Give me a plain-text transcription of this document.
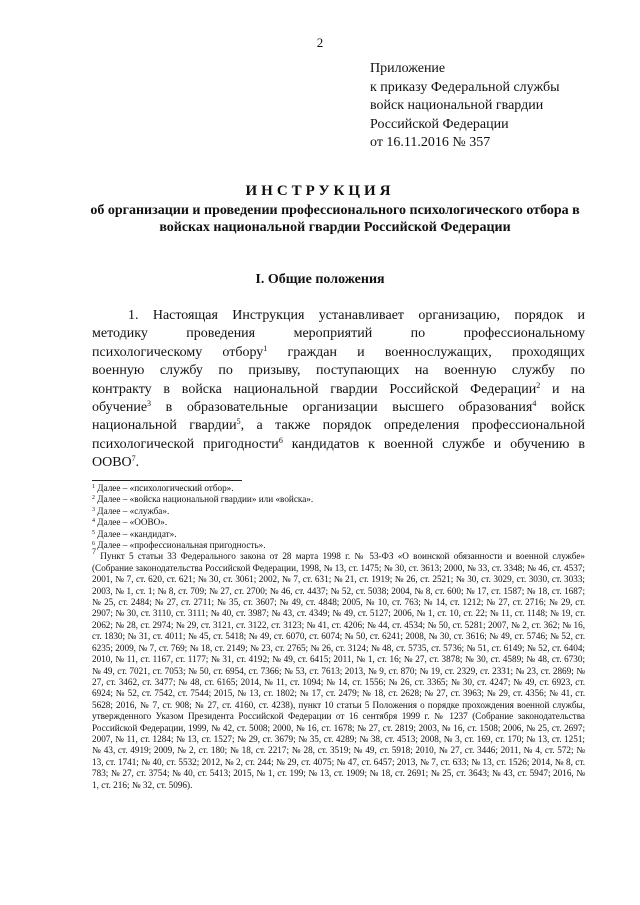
2
Приложение
к приказу Федеральной службы
войск национальной гвардии
Российской Федерации
от 16.11.2016 № 357
ИНСТРУКЦИЯ
об организации и проведении профессионального психологического отбора в войсках национальной гвардии Российской Федерации
I. Общие положения
1. Настоящая Инструкция устанавливает организацию, порядок и
методику проведения мероприятий по профессиональному
психологическому отбору$^1$ граждан и военнослужащих, проходящих
военную службу по призыву, поступающих на военную службу по
контракту в войска национальной гвардии Российской Федерации$^2$ и на
обучение$^3$ в образовательные организации высшего образования$^4$ войск
национальной гвардии$^5$, а также порядок определения профессиональной
психологической пригодности$^6$ кандидатов к военной службе и обучению в
ООВО$^7$.
$^1$ Далее – «психологический отбор».
$^2$ Далее – «войска национальной гвардии» или «войска».
$^3$ Далее – «служба».
$^4$ Далее – «ООВО».
$^5$ Далее – «кандидат».
$^6$ Далее – «профессиональная пригодность».
$^7$ Пункт 5 статьи 33 Федерального закона от 28 марта 1998 г. № 53-ФЗ «О воинской обязанности и военной службе» (Собрание законодательства Российской Федерации, 1998, № 13, ст. 1475; № 30, ст. 3613; 2000, № 33, ст. 3348; № 46, ст. 4537; 2001, № 7, ст. 620, ст. 621; № 30, ст. 3061; 2002, № 7, ст. 631; № 21, ст. 1919; № 26, ст. 2521; № 30, ст. 3029, ст. 3030, ст. 3033; 2003, № 1, ст. 1; № 8, ст. 709; № 27, ст. 2700; № 46, ст. 4437; № 52, ст. 5038; 2004, № 8, ст. 600; № 17, ст. 1587; № 18, ст. 1687; № 25, ст. 2484; № 27, ст. 2711; № 35, ст. 3607; № 49, ст. 4848; 2005, № 10, ст. 763; № 14, ст. 1212; № 27, ст. 2716; № 29, ст. 2907; № 30, ст. 3110, ст. 3111; № 40, ст. 3987; № 43, ст. 4349; № 49, ст. 5127; 2006, № 1, ст. 10, ст. 22; № 11, ст. 1148; № 19, ст. 2062; № 28, ст. 2974; № 29, ст. 3121, ст. 3122, ст. 3123; № 41, ст. 4206; № 44, ст. 4534; № 50, ст. 5281; 2007, № 2, ст. 362; № 16, ст. 1830; № 31, ст. 4011; № 45, ст. 5418; № 49, ст. 6070, ст. 6074; № 50, ст. 6241; 2008, № 30, ст. 3616; № 49, ст. 5746; № 52, ст. 6235; 2009, № 7, ст. 769; № 18, ст. 2149; № 23, ст. 2765; № 26, ст. 3124; № 48, ст. 5735, ст. 5736; № 51, ст. 6149; № 52, ст. 6404; 2010, № 11, ст. 1167, ст. 1177; № 31, ст. 4192; № 49, ст. 6415; 2011, № 1, ст. 16; № 27, ст. 3878; № 30, ст. 4589; № 48, ст. 6730; № 49, ст. 7021, ст. 7053; № 50, ст. 6954, ст. 7366; № 53, ст. 7613; 2013, № 9, ст. 870; № 19, ст. 2329, ст. 2331; № 23, ст. 2869; № 27, ст. 3462, ст. 3477; № 48, ст. 6165; 2014, № 11, ст. 1094; № 14, ст. 1556; № 26, ст. 3365; № 30, ст. 4247; № 49, ст. 6923, ст. 6924; № 52, ст. 7542, ст. 7544; 2015, № 13, ст. 1802; № 17, ст. 2479; № 18, ст. 2628; № 27, ст. 3963; № 29, ст. 4356; № 41, ст. 5628; 2016, № 7, ст. 908; № 27, ст. 4160, ст. 4238), пункт 10 статьи 5 Положения о порядке прохождения военной службы, утвержденного Указом Президента Российской Федерации от 16 сентября 1999 г. № 1237 (Собрание законодательства Российской Федерации, 1999, № 42, ст. 5008; 2000, № 16, ст. 1678; № 27, ст. 2819; 2003, № 16, ст. 1508; 2006, № 25, ст. 2697; 2007, № 11, ст. 1284; № 13, ст. 1527; № 29, ст. 3679; № 35, ст. 4289; № 38, ст. 4513; 2008, № 3, ст. 169, ст. 170; № 13, ст. 1251; № 43, ст. 4919; 2009, № 2, ст. 180; № 18, ст. 2217; № 28, ст. 3519; № 49, ст. 5918; 2010, № 27, ст. 3446; 2011, № 4, ст. 572; № 13, ст. 1741; № 40, ст. 5532; 2012, № 2, ст. 244; № 29, ст. 4075; № 47, ст. 6457; 2013, № 7, ст. 633; № 13, ст. 1526; 2014, № 8, ст. 783; № 27, ст. 3754; № 40, ст. 5413; 2015, № 1, ст. 199; № 13, ст. 1909; № 18, ст. 2691; № 25, ст. 3643; № 43, ст. 5947; 2016, № 1, ст. 216; № 32, ст. 5096).
